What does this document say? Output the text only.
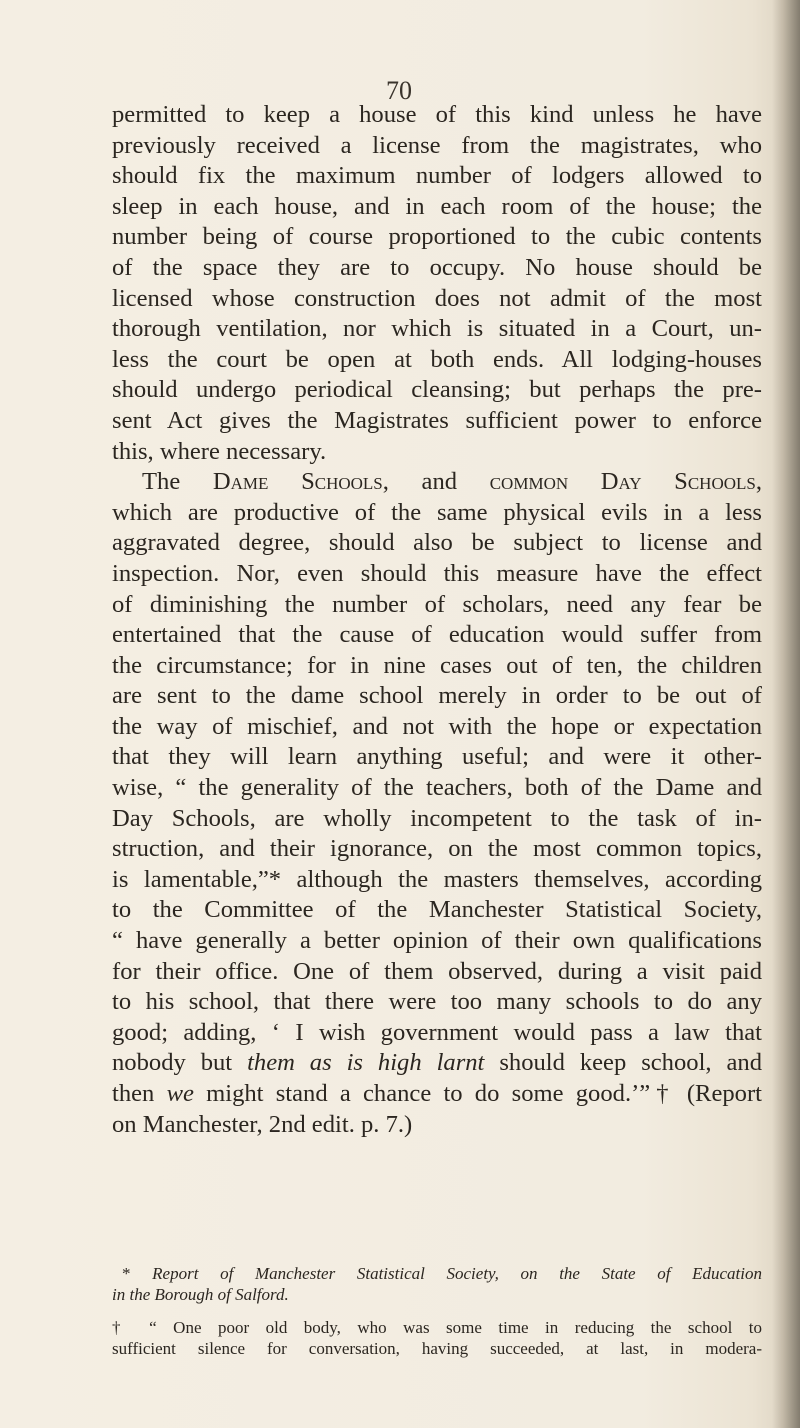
70
permitted to keep a house of this kind unless he have
previously received a license from the magistrates, who
should fix the maximum number of lodgers allowed to
sleep in each house, and in each room of the house; the
number being of course proportioned to the cubic contents
of the space they are to occupy. No house should be
licensed whose construction does not admit of the most
thorough ventilation, nor which is situated in a Court, un-
less the court be open at both ends. All lodging-houses
should undergo periodical cleansing; but perhaps the pre-
sent Act gives the Magistrates sufficient power to enforce
this, where necessary.
The Dame Schools, and common Day Schools,
which are productive of the same physical evils in a less
aggravated degree, should also be subject to license and
inspection. Nor, even should this measure have the effect
of diminishing the number of scholars, need any fear be
entertained that the cause of education would suffer from
the circumstance; for in nine cases out of ten, the children
are sent to the dame school merely in order to be out of
the way of mischief, and not with the hope or expectation
that they will learn anything useful; and were it other-
wise, “ the generality of the teachers, both of the Dame and
Day Schools, are wholly incompetent to the task of in-
struction, and their ignorance, on the most common topics,
is lamentable,”* although the masters themselves, according
to the Committee of the Manchester Statistical Society,
“ have generally a better opinion of their own qualifications
for their office. One of them observed, during a visit paid
to his school, that there were too many schools to do any
good; adding, ‘ I wish government would pass a law that
nobody but them as is high larnt should keep school, and
then we might stand a chance to do some good.’”† (Report
on Manchester, 2nd edit. p. 7.)
* Report of Manchester Statistical Society, on the State of Education
in the Borough of Salford.
† “ One poor old body, who was some time in reducing the school to
sufficient silence for conversation, having succeeded, at last, in modera-
